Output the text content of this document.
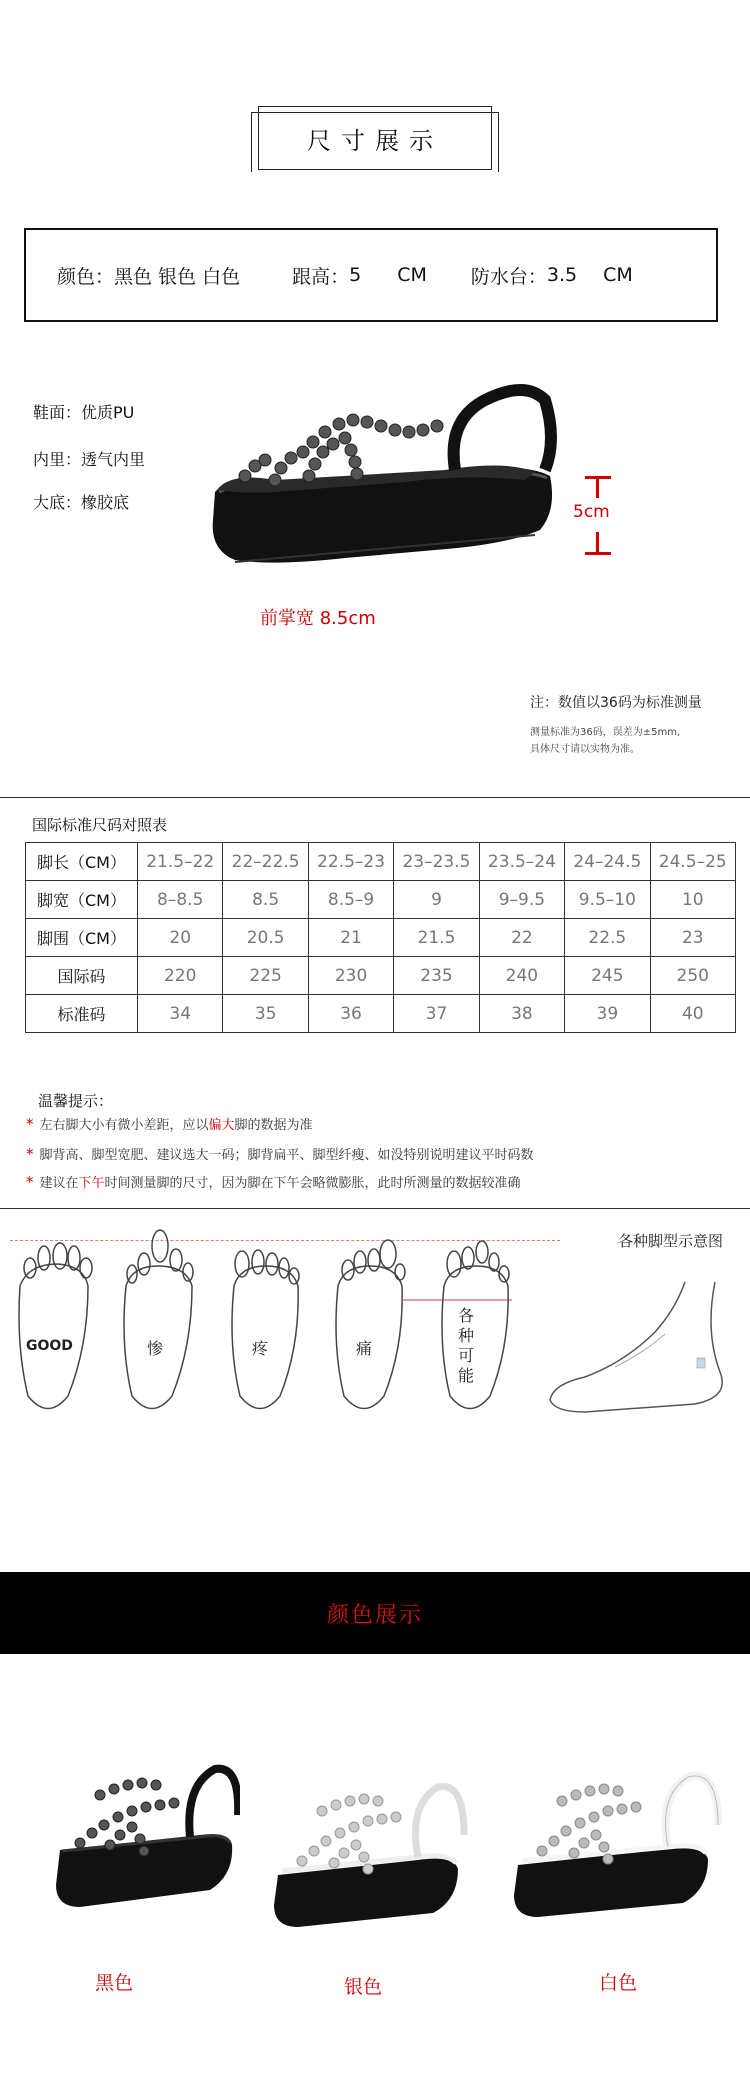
尺寸展示
颜色： 黑色 银色 白色	跟高： 5 CM 防水台： 3.5 CM
鞋面：优质PU
内里：透气内里
大底：橡胶底	5cm
前掌宽 8.5cm
注：数值以36码为标准测量
测量标准为36码，误差为±5mm,
具体尺寸请以实物为准。
国际标准尺码对照表
脚长（CM）	21.5–22	22–22.5	22.5–23	23–23.5	23.5–24	24–24.5	24.5–25
脚宽（CM）	8–8.5	8.5	8.5–9	9	9–9.5	9.5–10	10
脚围（CM）	20	20.5	21	21.5	22	22.5	23
国际码	220	225	230	235	240	245	250
标准码	34	35	36	37	38	39	40
温馨提示：
* 左右脚大小有微小差距，应以偏大脚的数据为准
* 脚背高、脚型宽肥、建议选大一码；脚背扁平、脚型纤瘦、如没特别说明建议平时码数
* 建议在下午时间测量脚的尺寸，因为脚在下午会略微膨胀，此时所测量的数据较准确
各种脚型示意图
GOOD	惨	疼	痛
各种可能
颜色展示
黑色	银色	白色
